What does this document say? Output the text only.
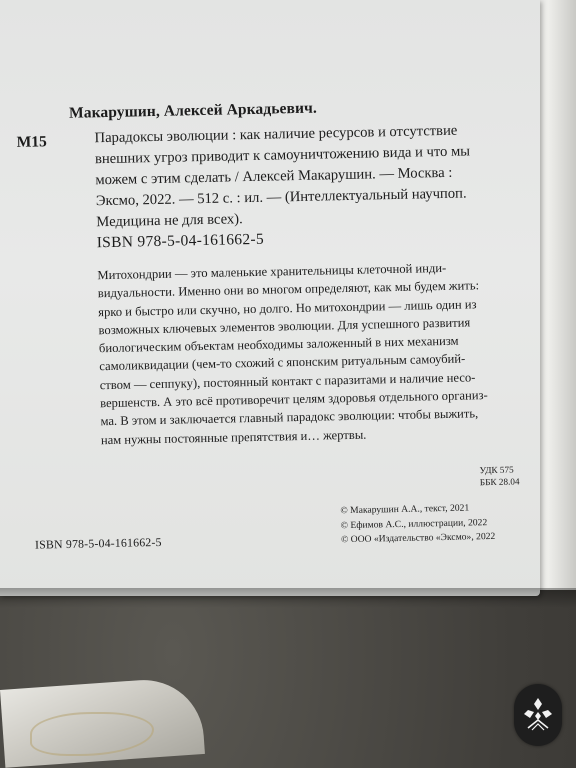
Макарушин, Алексей Аркадьевич.
М15	Парадоксы эволюции : как наличие ресурсов и отсутствие
внешних угроз приводит к самоуничтожению вида и что мы
можем с этим сделать / Алексей Макарушин. — Москва :
Эксмо, 2022. — 512 с. : ил. — (Интеллектуальный научпоп.
Медицина не для всех).
ISBN 978-5-04-161662-5
Митохондрии — это маленькие хранительницы клеточной инди-
видуальности. Именно они во многом определяют, как мы будем жить:
ярко и быстро или скучно, но долго. Но митохондрии — лишь один из
возможных ключевых элементов эволюции. Для успешного развития
биологическим объектам необходимы заложенный в них механизм
самоликвидации (чем-то схожий с японским ритуальным самоубий-
ством — сеппуку), постоянный контакт с паразитами и наличие несо-
вершенств. А это всё противоречит целям здоровья отдельного организ-
ма. В этом и заключается главный парадокс эволюции: чтобы выжить,
нам нужны постоянные препятствия и… жертвы.
УДК 575
ББК 28.04
ISBN 978-5-04-161662-5
© Макарушин А.А., текст, 2021
© Ефимов А.С., иллюстрации, 2022
© ООО «Издательство «Эксмо», 2022
